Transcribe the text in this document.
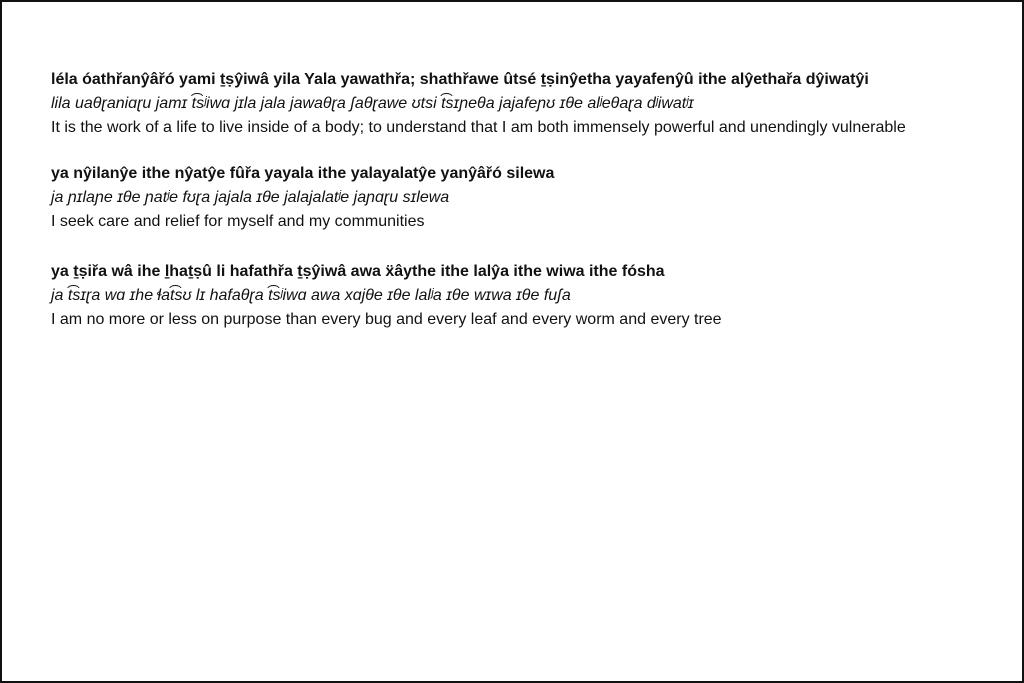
léla óathřanŷâřó yami ṯṣŷiwâ yila Yala yawathřa; shathřawe ûtsé ṯṣinŷetha yayafenŷû ithe alŷethařa dŷiwatŷi
lila uaθɽaniɑɽu jamɪ t͡sʲiwɑ jɪla jala jawaθɽa ʃaθɽawe ʊtsi t͡sɪɲeθa jajafeɲʊ ɪθe alʲeθaɽa dʲiwatʲɪ
It is the work of a life to live inside of a body; to understand that I am both immensely powerful and unendingly vulnerable
ya nŷilanŷe ithe nŷatŷe fûřa yayala ithe yalayalatŷe yanŷâřó silewa
ja ɲɪlaɲe ɪθe ɲatʲe fʊɽa jajala ɪθe jalajalatʲe jaɲɑɽu sɪlewa
I seek care and relief for myself and my communities
ya ṯṣiřa wâ ihe ḻhaṯṣû li hafathřa ṯṣŷiwâ awa ẍâythe ithe lalŷa ithe wiwa ithe fósha
ja t͡sɪɽa wɑ ɪhe ɬat͡sʊ lɪ hafaθɽa t͡sʲiwɑ awa xɑjθe ɪθe lalʲa ɪθe wɪwa ɪθe fuʃa
I am no more or less on purpose than every bug and every leaf and every worm and every tree
